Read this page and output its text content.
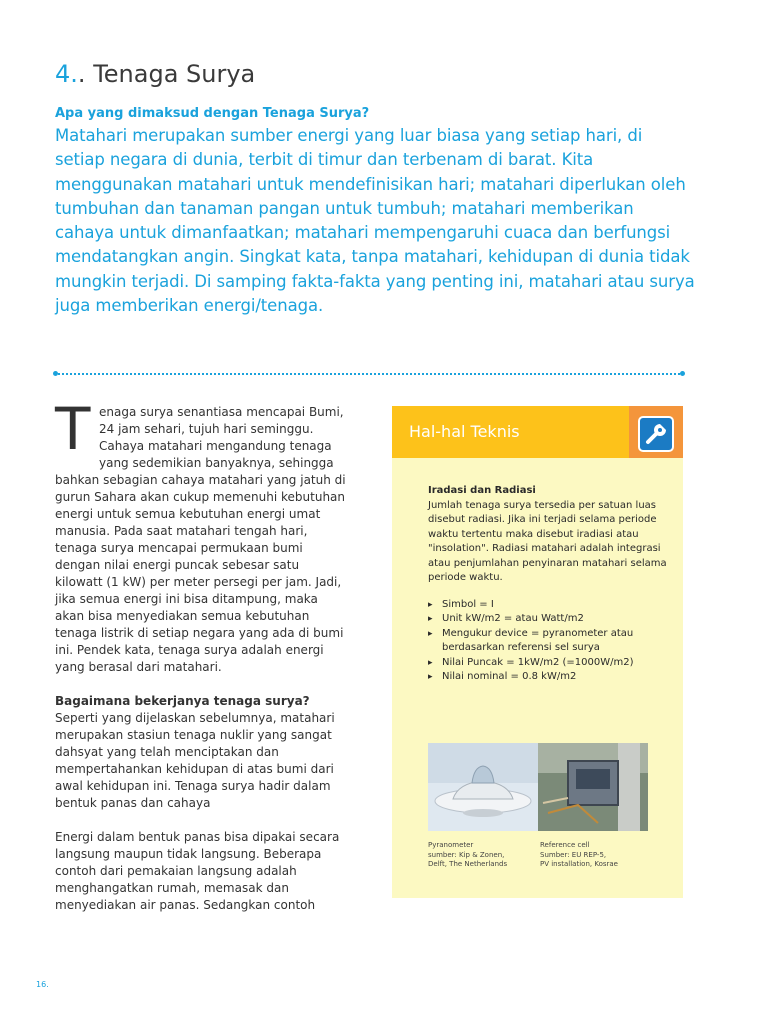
4.. Tenaga Surya
Apa yang dimaksud dengan Tenaga Surya?
Matahari merupakan sumber energi yang luar biasa yang setiap hari, di setiap negara di dunia, terbit di timur dan terbenam di barat. Kita menggunakan matahari untuk mendefinisikan hari; matahari diperlukan oleh tumbuhan dan tanaman pangan untuk tumbuh; matahari memberikan cahaya untuk dimanfaatkan; matahari mempengaruhi cuaca dan berfungsi mendatangkan angin. Singkat kata, tanpa matahari, kehidupan di dunia tidak mungkin terjadi. Di samping fakta-fakta yang penting ini, matahari atau surya juga memberikan energi/tenaga.

Tenaga surya senantiasa mencapai Bumi, 24 jam sehari, tujuh hari seminggu. Cahaya matahari mengandung tenaga yang sedemikian banyaknya, sehingga bahkan sebagian cahaya matahari yang jatuh di gurun Sahara akan cukup memenuhi kebutuhan energi untuk semua kebutuhan energi umat manusia. Pada saat matahari tengah hari, tenaga surya mencapai permukaan bumi dengan nilai energi puncak sebesar satu kilowatt (1 kW) per meter persegi per jam. Jadi, jika semua energi ini bisa ditampung, maka akan bisa menyediakan semua kebutuhan tenaga listrik di setiap negara yang ada di bumi ini. Pendek kata, tenaga surya adalah energi yang berasal dari matahari.

Bagaimana bekerjanya tenaga surya?

Seperti yang dijelaskan sebelumnya, matahari merupakan stasiun tenaga nuklir yang sangat dahsyat yang telah menciptakan dan mempertahankan kehidupan di atas bumi dari awal kehidupan ini. Tenaga surya hadir dalam bentuk panas dan cahaya

Energi dalam bentuk panas bisa dipakai secara langsung maupun tidak langsung. Beberapa contoh dari pemakaian langsung adalah menghangatkan rumah, memasak dan menyediakan air panas. Sedangkan contoh

Hal-hal Teknis

Iradasi dan Radiasi

Jumlah tenaga surya tersedia per satuan luas disebut radiasi. Jika ini terjadi selama periode waktu tertentu maka disebut iradiasi atau "insolation". Radiasi matahari adalah integrasi atau penjumlahan penyinaran matahari selama periode waktu.

▸ Simbol = I
▸ Unit kW/m2 = atau Watt/m2
▸ Mengukur device = pyranometer atau berdasarkan referensi sel surya
▸ Nilai Puncak = 1kW/m2 (=1000W/m2)
▸ Nilai nominal = 0.8 kW/m2
Pyranometer
sumber: Kip & Zonen,
Delft, The Netherlands
Reference cell
Sumber: EU REP-5,
PV installation, Kosrae
16.
